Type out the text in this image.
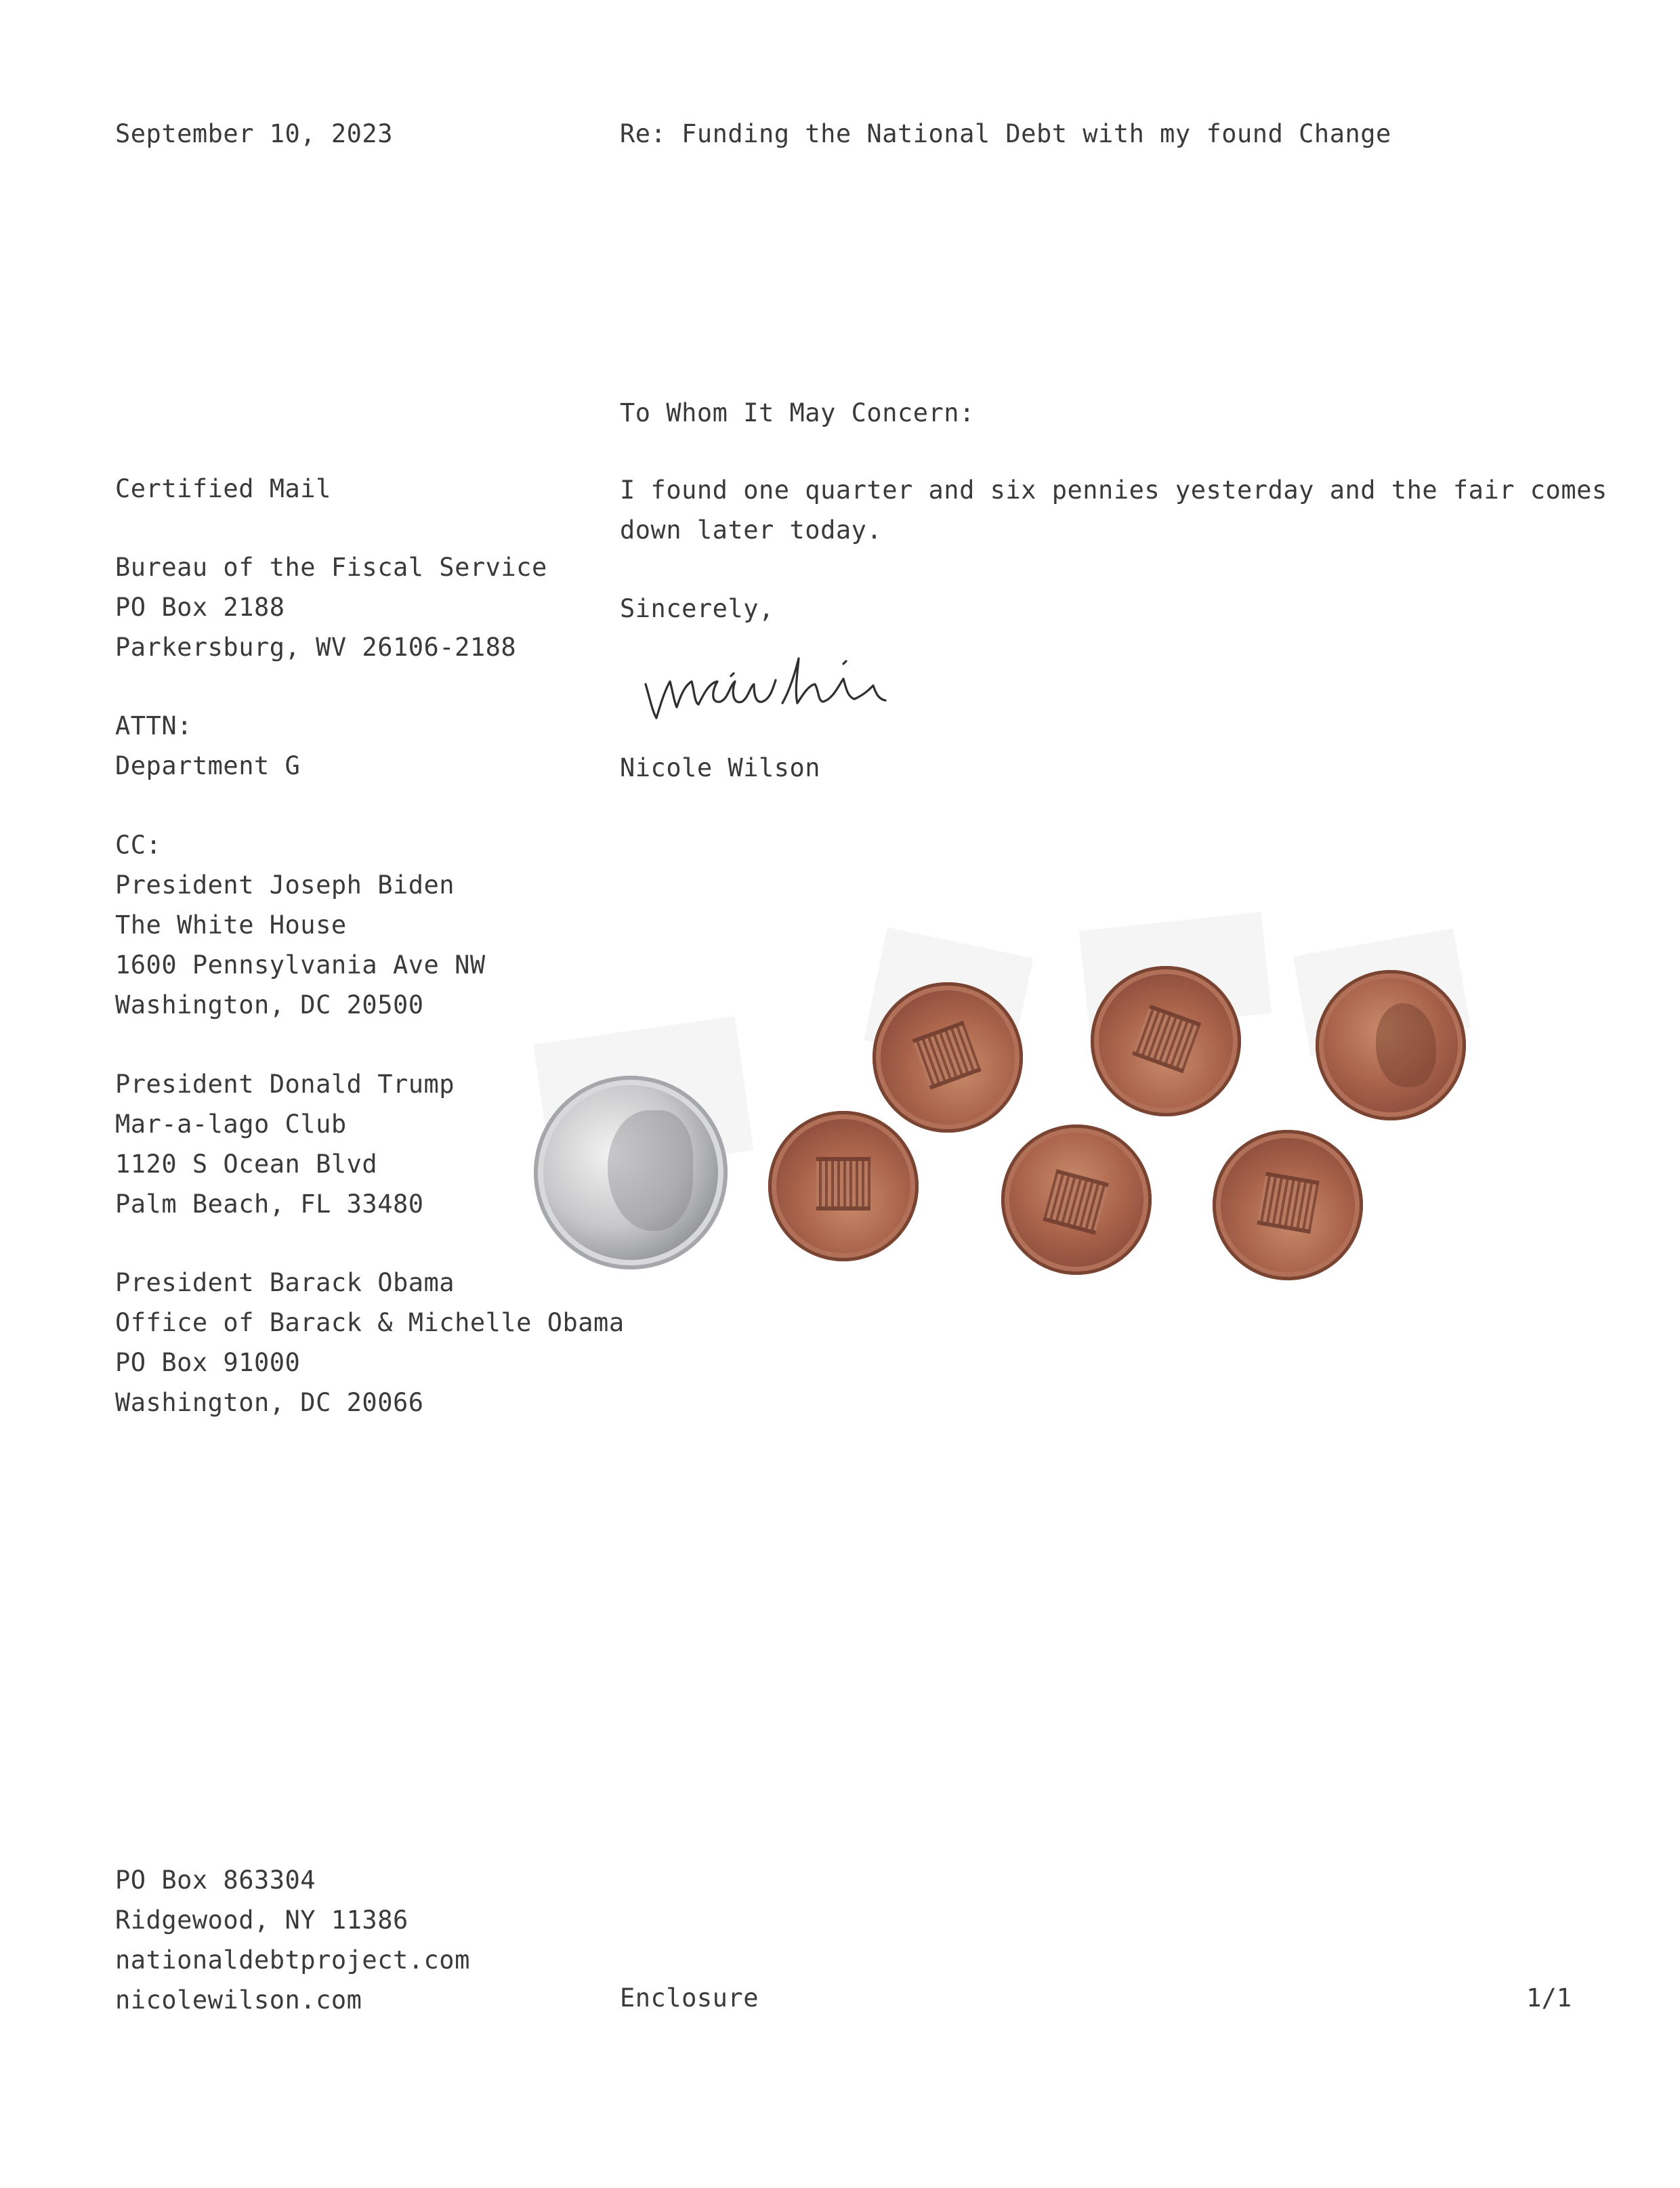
September 10, 2023	Re: Funding the National Debt with my found Change
To Whom It May Concern:
I found one quarter and six pennies yesterday and the fair comes
down later today.
Sincerely,
Nicole Wilson
Certified Mail
Bureau of the Fiscal Service
PO Box 2188
Parkersburg, WV 26106-2188
ATTN:
Department G
CC:
President Joseph Biden
The White House
1600 Pennsylvania Ave NW
Washington, DC 20500
President Donald Trump
Mar-a-lago Club
1120 S Ocean Blvd
Palm Beach, FL 33480
President Barack Obama
Office of Barack & Michelle Obama
PO Box 91000
Washington, DC 20066
PO Box 863304
Ridgewood, NY 11386
nationaldebtproject.com
nicolewilson.com	Enclosure	1/1
